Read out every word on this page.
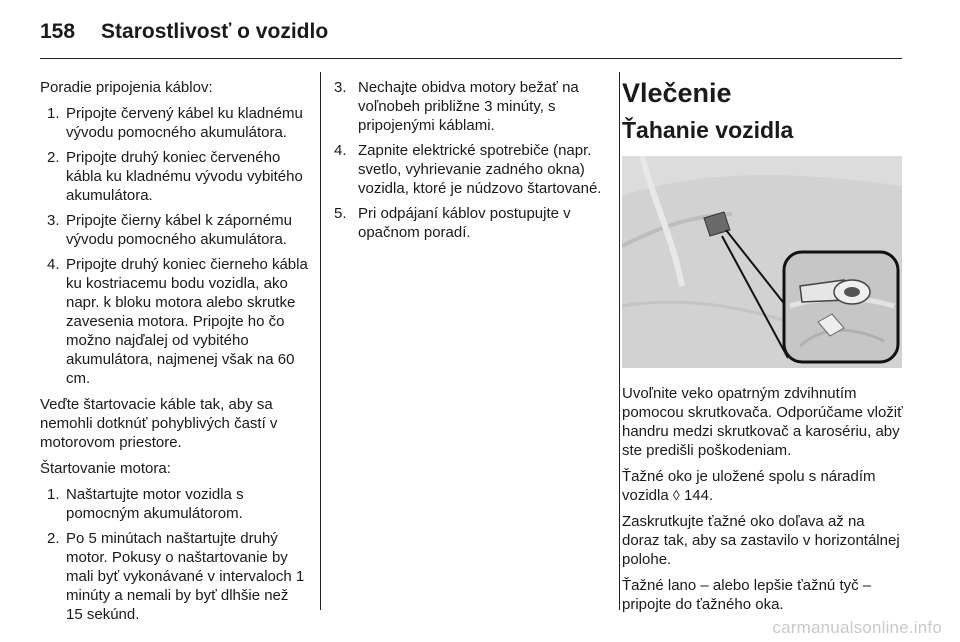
158 Starostlivosť o vozidlo

Poradie pripojenia káblov:

1. Pripojte červený kábel ku kladnému vývodu pomocného akumulátora.
2. Pripojte druhý koniec červeného kábla ku kladnému vývodu vybitého akumulátora.
3. Pripojte čierny kábel k zápornému vývodu pomocného akumulátora.
4. Pripojte druhý koniec čierneho kábla ku kostriacemu bodu vozidla, ako napr. k bloku motora alebo skrutke zavesenia motora. Pripojte ho čo možno najďalej od vybitého akumulátora, najmenej však na 60 cm.

Veďte štartovacie káble tak, aby sa nemohli dotknúť pohyblivých častí v motorovom priestore.

Štartovanie motora:

1. Naštartujte motor vozidla s pomocným akumulátorom.
2. Po 5 minútach naštartujte druhý motor. Pokusy o naštartovanie by mali byť vykonávané v intervaloch 1 minúty a nemali by byť dlhšie než 15 sekúnd.
3. Nechajte obidva motory bežať na voľnobeh približne 3 minúty, s pripojenými káblami.
4. Zapnite elektrické spotrebiče (napr. svetlo, vyhrievanie zadného okna) vozidla, ktoré je núdzovo štartované.
5. Pri odpájaní káblov postupujte v opačnom poradí.
Vlečenie
Ťahanie vozidla

Uvoľnite veko opatrným zdvihnutím pomocou skrutkovača. Odporúčame vložiť handru medzi skrutkovač a karosériu, aby ste predišli poškodeniam.

Ťažné oko je uložené spolu s náradím vozidla ◊ 144.

Zaskrutkujte ťažné oko doľava až na doraz tak, aby sa zastavilo v horizontálnej polohe.

Ťažné lano – alebo lepšie ťažnú tyč – pripojte do ťažného oka.

carmanualsonline.info
